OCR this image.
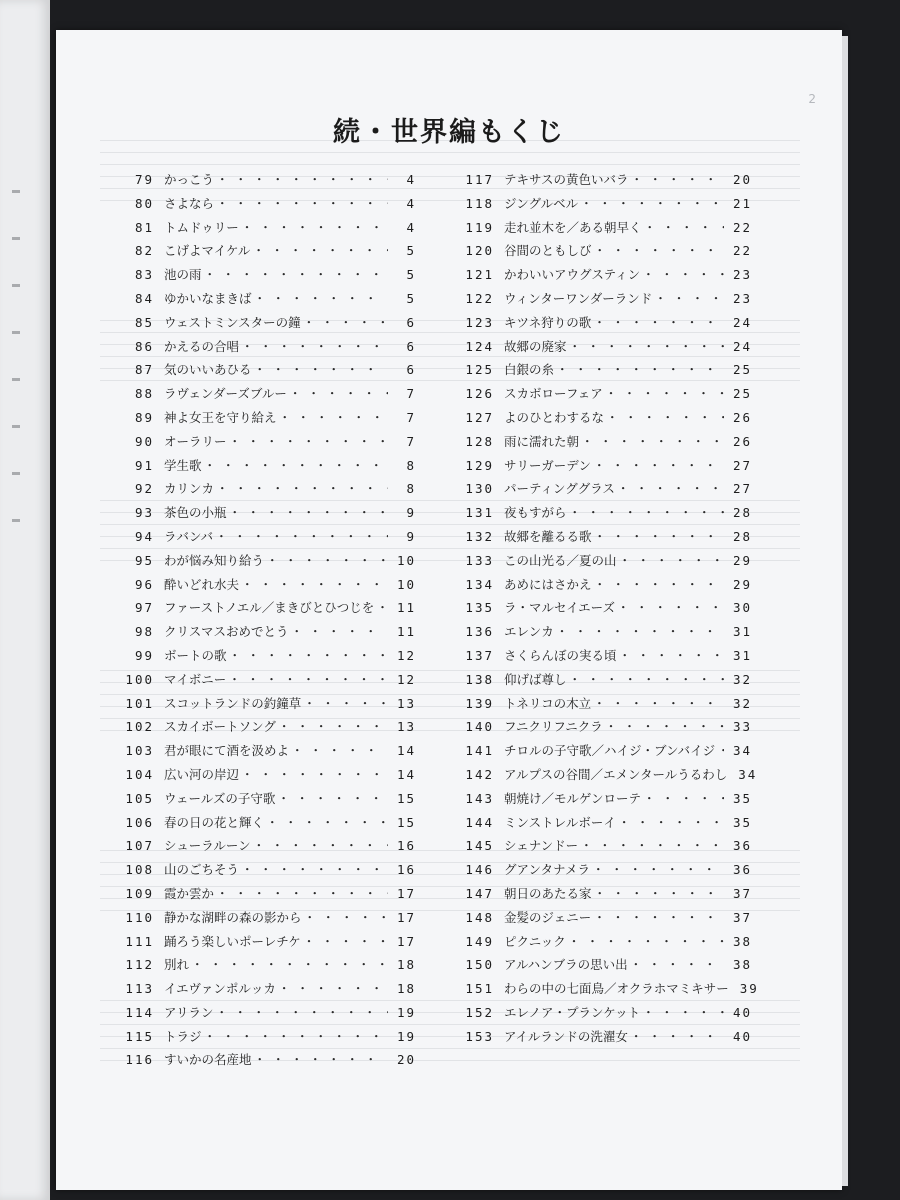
2
続・世界編もくじ
79 かっこう ・・・・・・・・・・・・・・・・・・・・・・・・・・・・・・・・・・・	4
80 さよなら ・・・・・・・・・・・・・・・・・・・・・・・・・・・・・・・・・・・	4
81 トムドゥリー ・・・・・・・・・・・・・・・・・・・・・・・・・・・・・・・・・・・	4
82 こげよマイケル ・・・・・・・・・・・・・・・・・・・・・・・・・・・・・・・・・・・	5
83 池の雨 ・・・・・・・・・・・・・・・・・・・・・・・・・・・・・・・・・・・	5
84 ゆかいなまきば ・・・・・・・・・・・・・・・・・・・・・・・・・・・・・・・・・・・	5
85 ウェストミンスターの鐘 ・・・・・・・・・・・・・・・・・・・・・・・・・・・・・・・・・・・	6
86 かえるの合唱 ・・・・・・・・・・・・・・・・・・・・・・・・・・・・・・・・・・・	6
87 気のいいあひる ・・・・・・・・・・・・・・・・・・・・・・・・・・・・・・・・・・・	6
88 ラヴェンダーズブルー ・・・・・・・・・・・・・・・・・・・・・・・・・・・・・・・・・・・	7
89 神よ女王を守り給え ・・・・・・・・・・・・・・・・・・・・・・・・・・・・・・・・・・・	7
90 オーラリー ・・・・・・・・・・・・・・・・・・・・・・・・・・・・・・・・・・・	7
91 学生歌 ・・・・・・・・・・・・・・・・・・・・・・・・・・・・・・・・・・・	8
92 カリンカ ・・・・・・・・・・・・・・・・・・・・・・・・・・・・・・・・・・・	8
93 茶色の小瓶 ・・・・・・・・・・・・・・・・・・・・・・・・・・・・・・・・・・・	9
94 ラバンバ ・・・・・・・・・・・・・・・・・・・・・・・・・・・・・・・・・・・	9
95 わが悩み知り給う ・・・・・・・・・・・・・・・・・・・・・・・・・・・・・・・・・・・	10
96 酔いどれ水夫 ・・・・・・・・・・・・・・・・・・・・・・・・・・・・・・・・・・・	10
97 ファーストノエル／まきびとひつじを ・・・・・・・・・・・・・・・・・・・・・・・・・・・・・・・・・・・	11
98 クリスマスおめでとう ・・・・・・・・・・・・・・・・・・・・・・・・・・・・・・・・・・・	11
99 ボートの歌 ・・・・・・・・・・・・・・・・・・・・・・・・・・・・・・・・・・・	12
100 マイボニー ・・・・・・・・・・・・・・・・・・・・・・・・・・・・・・・・・・・	12
101 スコットランドの釣鐘草 ・・・・・・・・・・・・・・・・・・・・・・・・・・・・・・・・・・・	13
102 スカイボートソング ・・・・・・・・・・・・・・・・・・・・・・・・・・・・・・・・・・・	13
103 君が眼にて酒を汲めよ ・・・・・・・・・・・・・・・・・・・・・・・・・・・・・・・・・・・	14
104 広い河の岸辺 ・・・・・・・・・・・・・・・・・・・・・・・・・・・・・・・・・・・	14
105 ウェールズの子守歌 ・・・・・・・・・・・・・・・・・・・・・・・・・・・・・・・・・・・	15
106 春の日の花と輝く ・・・・・・・・・・・・・・・・・・・・・・・・・・・・・・・・・・・	15
107 シューラルーン ・・・・・・・・・・・・・・・・・・・・・・・・・・・・・・・・・・・	16
108 山のごちそう ・・・・・・・・・・・・・・・・・・・・・・・・・・・・・・・・・・・	16
109 霞か雲か ・・・・・・・・・・・・・・・・・・・・・・・・・・・・・・・・・・・	17
110 静かな湖畔の森の影から ・・・・・・・・・・・・・・・・・・・・・・・・・・・・・・・・・・・	17
111 踊ろう楽しいポーレチケ ・・・・・・・・・・・・・・・・・・・・・・・・・・・・・・・・・・・	17
112 別れ ・・・・・・・・・・・・・・・・・・・・・・・・・・・・・・・・・・・	18
113 イエヴァンポルッカ ・・・・・・・・・・・・・・・・・・・・・・・・・・・・・・・・・・・	18
114 アリラン ・・・・・・・・・・・・・・・・・・・・・・・・・・・・・・・・・・・	19
115 トラジ ・・・・・・・・・・・・・・・・・・・・・・・・・・・・・・・・・・・	19
116 すいかの名産地 ・・・・・・・・・・・・・・・・・・・・・・・・・・・・・・・・・・・	20
117 テキサスの黄色いバラ ・・・・・・・・・・・・・・・・・・・・・・・・・・・・・・・・・・・	20
118 ジングルベル ・・・・・・・・・・・・・・・・・・・・・・・・・・・・・・・・・・・	21
119 走れ並木を／ある朝早く ・・・・・・・・・・・・・・・・・・・・・・・・・・・・・・・・・・・	22
120 谷間のともしび ・・・・・・・・・・・・・・・・・・・・・・・・・・・・・・・・・・・	22
121 かわいいアウグスティン ・・・・・・・・・・・・・・・・・・・・・・・・・・・・・・・・・・・	23
122 ウィンターワンダーランド ・・・・・・・・・・・・・・・・・・・・・・・・・・・・・・・・・・・	23
123 キツネ狩りの歌 ・・・・・・・・・・・・・・・・・・・・・・・・・・・・・・・・・・・	24
124 故郷の廃家 ・・・・・・・・・・・・・・・・・・・・・・・・・・・・・・・・・・・	24
125 白銀の糸 ・・・・・・・・・・・・・・・・・・・・・・・・・・・・・・・・・・・	25
126 スカボローフェア ・・・・・・・・・・・・・・・・・・・・・・・・・・・・・・・・・・・	25
127 よのひとわするな ・・・・・・・・・・・・・・・・・・・・・・・・・・・・・・・・・・・	26
128 雨に濡れた朝 ・・・・・・・・・・・・・・・・・・・・・・・・・・・・・・・・・・・	26
129 サリーガーデン ・・・・・・・・・・・・・・・・・・・・・・・・・・・・・・・・・・・	27
130 パーティンググラス ・・・・・・・・・・・・・・・・・・・・・・・・・・・・・・・・・・・	27
131 夜もすがら ・・・・・・・・・・・・・・・・・・・・・・・・・・・・・・・・・・・	28
132 故郷を離るる歌 ・・・・・・・・・・・・・・・・・・・・・・・・・・・・・・・・・・・	28
133 この山光る／夏の山 ・・・・・・・・・・・・・・・・・・・・・・・・・・・・・・・・・・・	29
134 あめにはさかえ ・・・・・・・・・・・・・・・・・・・・・・・・・・・・・・・・・・・	29
135 ラ・マルセイエーズ ・・・・・・・・・・・・・・・・・・・・・・・・・・・・・・・・・・・	30
136 エレンカ ・・・・・・・・・・・・・・・・・・・・・・・・・・・・・・・・・・・	31
137 さくらんぼの実る頃 ・・・・・・・・・・・・・・・・・・・・・・・・・・・・・・・・・・・	31
138 仰げば尊し ・・・・・・・・・・・・・・・・・・・・・・・・・・・・・・・・・・・	32
139 トネリコの木立 ・・・・・・・・・・・・・・・・・・・・・・・・・・・・・・・・・・・	32
140 フニクリフニクラ ・・・・・・・・・・・・・・・・・・・・・・・・・・・・・・・・・・・	33
141 チロルの子守歌／ハイジ・ブンバイジ ・・・・・・・・・・・・・・・・・・・・・・・・・・・・・・・・・・・	34
142 アルプスの谷間／エメンタールうるわし 34
143 朝焼け／モルゲンローテ ・・・・・・・・・・・・・・・・・・・・・・・・・・・・・・・・・・・	35
144 ミンストレルボーイ ・・・・・・・・・・・・・・・・・・・・・・・・・・・・・・・・・・・	35
145 シェナンドー ・・・・・・・・・・・・・・・・・・・・・・・・・・・・・・・・・・・	36
146 グアンタナメラ ・・・・・・・・・・・・・・・・・・・・・・・・・・・・・・・・・・・	36
147 朝日のあたる家 ・・・・・・・・・・・・・・・・・・・・・・・・・・・・・・・・・・・	37
148 金髪のジェニー ・・・・・・・・・・・・・・・・・・・・・・・・・・・・・・・・・・・	37
149 ピクニック ・・・・・・・・・・・・・・・・・・・・・・・・・・・・・・・・・・・	38
150 アルハンブラの思い出 ・・・・・・・・・・・・・・・・・・・・・・・・・・・・・・・・・・・	38
151 わらの中の七面鳥／オクラホマミキサー 39
152 エレノア・プランケット ・・・・・・・・・・・・・・・・・・・・・・・・・・・・・・・・・・・	40
153 アイルランドの洗濯女 ・・・・・・・・・・・・・・・・・・・・・・・・・・・・・・・・・・・	40
